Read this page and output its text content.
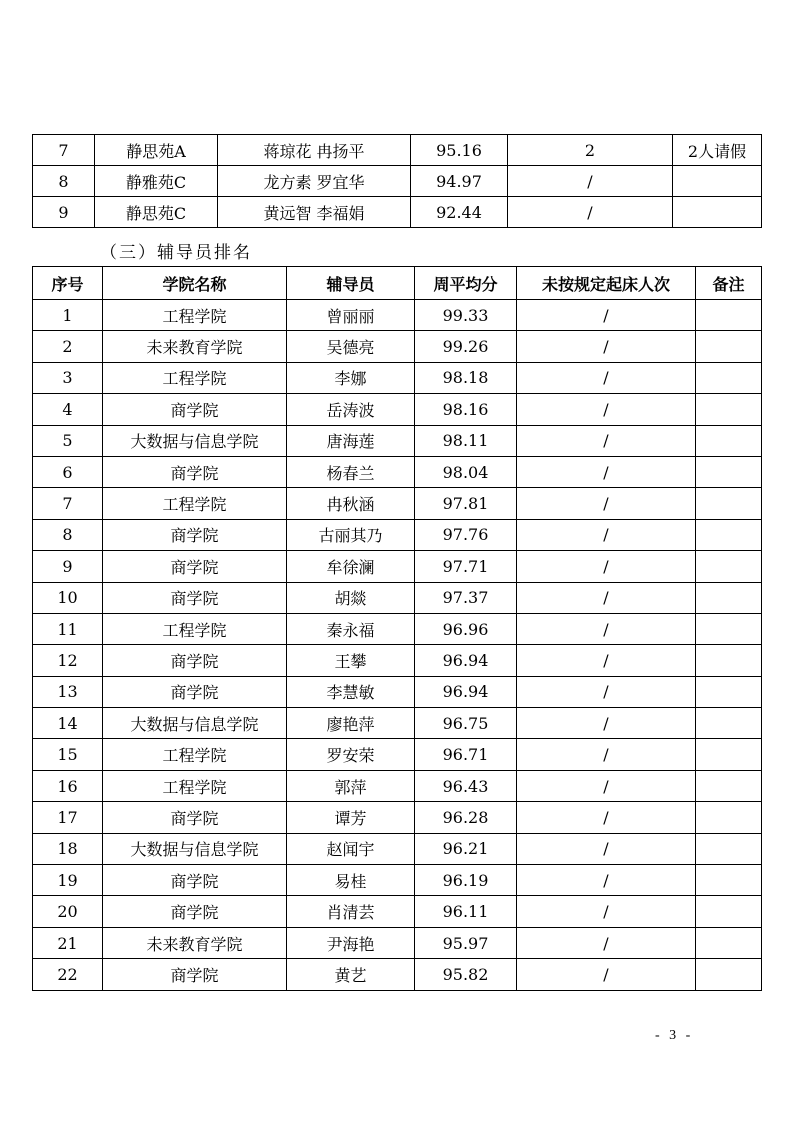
7	静思苑A	蒋琼花 冉扬平	95.16	2	2人请假
8	静雅苑C	龙方素 罗宜华	94.97	/	
9	静思苑C	黄远智 李福娟	92.44	/	
（三）辅导员排名
序号	学院名称	辅导员	周平均分	未按规定起床人次	备注
1	工程学院	曾丽丽	99.33	/	
2	未来教育学院	吴德亮	99.26	/	
3	工程学院	李娜	98.18	/	
4	商学院	岳涛波	98.16	/	
5	大数据与信息学院	唐海莲	98.11	/	
6	商学院	杨春兰	98.04	/	
7	工程学院	冉秋涵	97.81	/	
8	商学院	古丽其乃	97.76	/	
9	商学院	牟徐澜	97.71	/	
10	商学院	胡燚	97.37	/	
11	工程学院	秦永福	96.96	/	
12	商学院	王攀	96.94	/	
13	商学院	李慧敏	96.94	/	
14	大数据与信息学院	廖艳萍	96.75	/	
15	工程学院	罗安荣	96.71	/	
16	工程学院	郭萍	96.43	/	
17	商学院	谭芳	96.28	/	
18	大数据与信息学院	赵闻宇	96.21	/	
19	商学院	易桂	96.19	/	
20	商学院	肖清芸	96.11	/	
21	未来教育学院	尹海艳	95.97	/	
22	商学院	黄艺	95.82	/	
- 3 -
